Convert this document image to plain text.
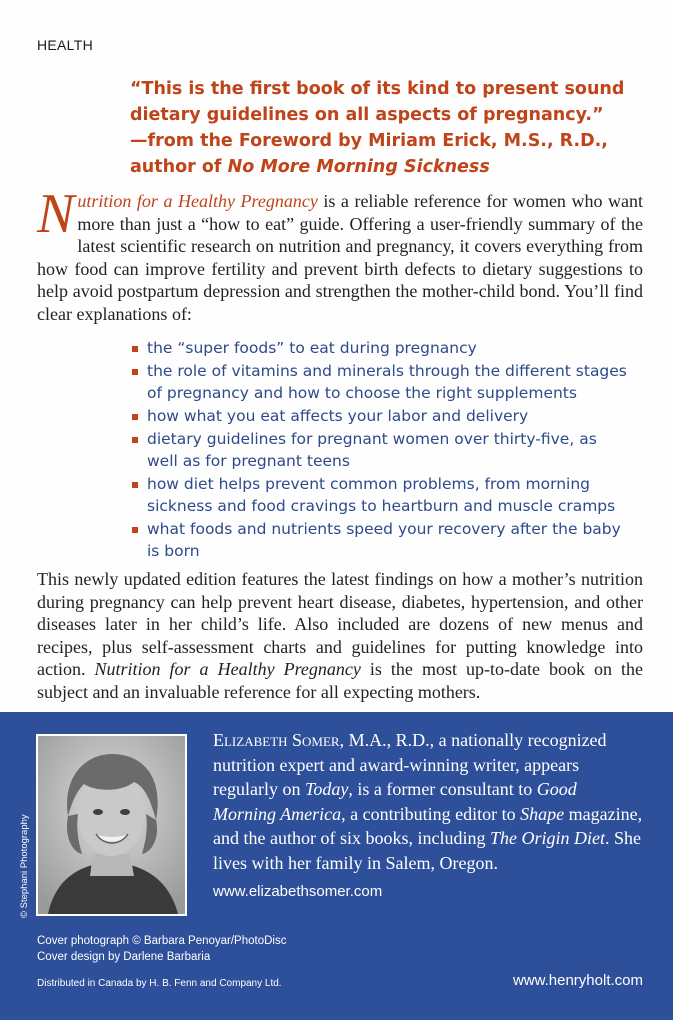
HEALTH
“This is the first book of its kind to present sound dietary guidelines on all aspects of pregnancy.”
—from the Foreword by Miriam Erick, M.S., R.D.,
author of No More Morning Sickness
Nutrition for a Healthy Pregnancy is a reliable reference for women who want more than just a “how to eat” guide. Offering a user-friendly summary of the latest scientific research on nutrition and pregnancy, it covers everything from how food can improve fertility and prevent birth defects to dietary suggestions to help avoid postpartum depression and strengthen the mother-child bond. You’ll find clear explanations of:
the “super foods” to eat during pregnancy
the role of vitamins and minerals through the different stages of pregnancy and how to choose the right supplements
how what you eat affects your labor and delivery
dietary guidelines for pregnant women over thirty-five, as well as for pregnant teens
how diet helps prevent common problems, from morning sickness and food cravings to heartburn and muscle cramps
what foods and nutrients speed your recovery after the baby is born
This newly updated edition features the latest findings on how a mother’s nutrition during pregnancy can help prevent heart disease, diabetes, hypertension, and other diseases later in her child’s life. Also included are dozens of new menus and recipes, plus self-assessment charts and guidelines for putting knowledge into action. Nutrition for a Healthy Pregnancy is the most up-to-date book on the subject and an invaluable reference for all expecting mothers.
© Stephani Photography
Elizabeth Somer, M.A., R.D., a nationally recognized nutrition expert and award-winning writer, appears regularly on Today, is a former consultant to Good Morning America, a contributing editor to Shape magazine, and the author of six books, including The Origin Diet. She lives with her family in Salem, Oregon.
www.elizabethsomer.com
Cover photograph © Barbara Penoyar/PhotoDisc
Cover design by Darlene Barbaria
Distributed in Canada by H. B. Fenn and Company Ltd.	www.henryholt.com
